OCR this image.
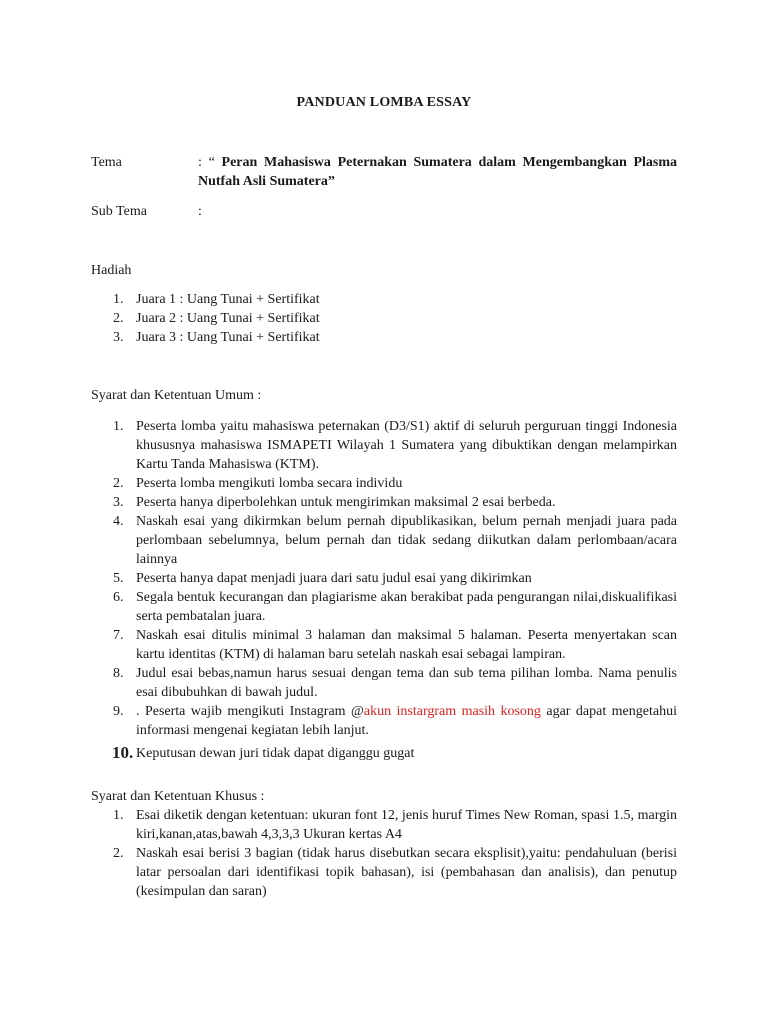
PANDUAN LOMBA ESSAY
Tema	: “ Peran Mahasiswa Peternakan Sumatera dalam Mengembangkan Plasma Nutfah Asli Sumatera”
Sub Tema	:
Hadiah
1. Juara 1 : Uang Tunai + Sertifikat
2. Juara 2 : Uang Tunai + Sertifikat
3. Juara 3 : Uang Tunai + Sertifikat
Syarat dan Ketentuan Umum :
1. Peserta lomba yaitu mahasiswa peternakan (D3/S1) aktif di seluruh perguruan tinggi Indonesia khususnya mahasiswa ISMAPETI Wilayah 1 Sumatera yang dibuktikan dengan melampirkan Kartu Tanda Mahasiswa (KTM).
2. Peserta lomba mengikuti lomba secara individu
3. Peserta hanya diperbolehkan untuk mengirimkan maksimal 2 esai berbeda.
4. Naskah esai yang dikirmkan belum pernah dipublikasikan, belum pernah menjadi juara pada perlombaan sebelumnya, belum pernah dan tidak sedang diikutkan dalam perlombaan/acara lainnya
5. Peserta hanya dapat menjadi juara dari satu judul esai yang dikirimkan
6. Segala bentuk kecurangan dan plagiarisme akan berakibat pada pengurangan nilai,diskualifikasi serta pembatalan juara.
7. Naskah esai ditulis minimal 3 halaman dan maksimal 5 halaman. Peserta menyertakan scan kartu identitas (KTM) di halaman baru setelah naskah esai sebagai lampiran.
8. Judul esai bebas,namun harus sesuai dengan tema dan sub tema pilihan lomba. Nama penulis esai dibubuhkan di bawah judul.
9. . Peserta wajib mengikuti Instagram @akun instargram masih kosong agar dapat mengetahui informasi mengenai kegiatan lebih lanjut.
10. Keputusan dewan juri tidak dapat diganggu gugat
Syarat dan Ketentuan Khusus :
1. Esai diketik dengan ketentuan: ukuran font 12, jenis huruf Times New Roman, spasi 1.5, margin kiri,kanan,atas,bawah 4,3,3,3 Ukuran kertas A4
2. Naskah esai berisi 3 bagian (tidak harus disebutkan secara eksplisit),yaitu: pendahuluan (berisi latar persoalan dari identifikasi topik bahasan), isi (pembahasan dan analisis), dan penutup (kesimpulan dan saran)
